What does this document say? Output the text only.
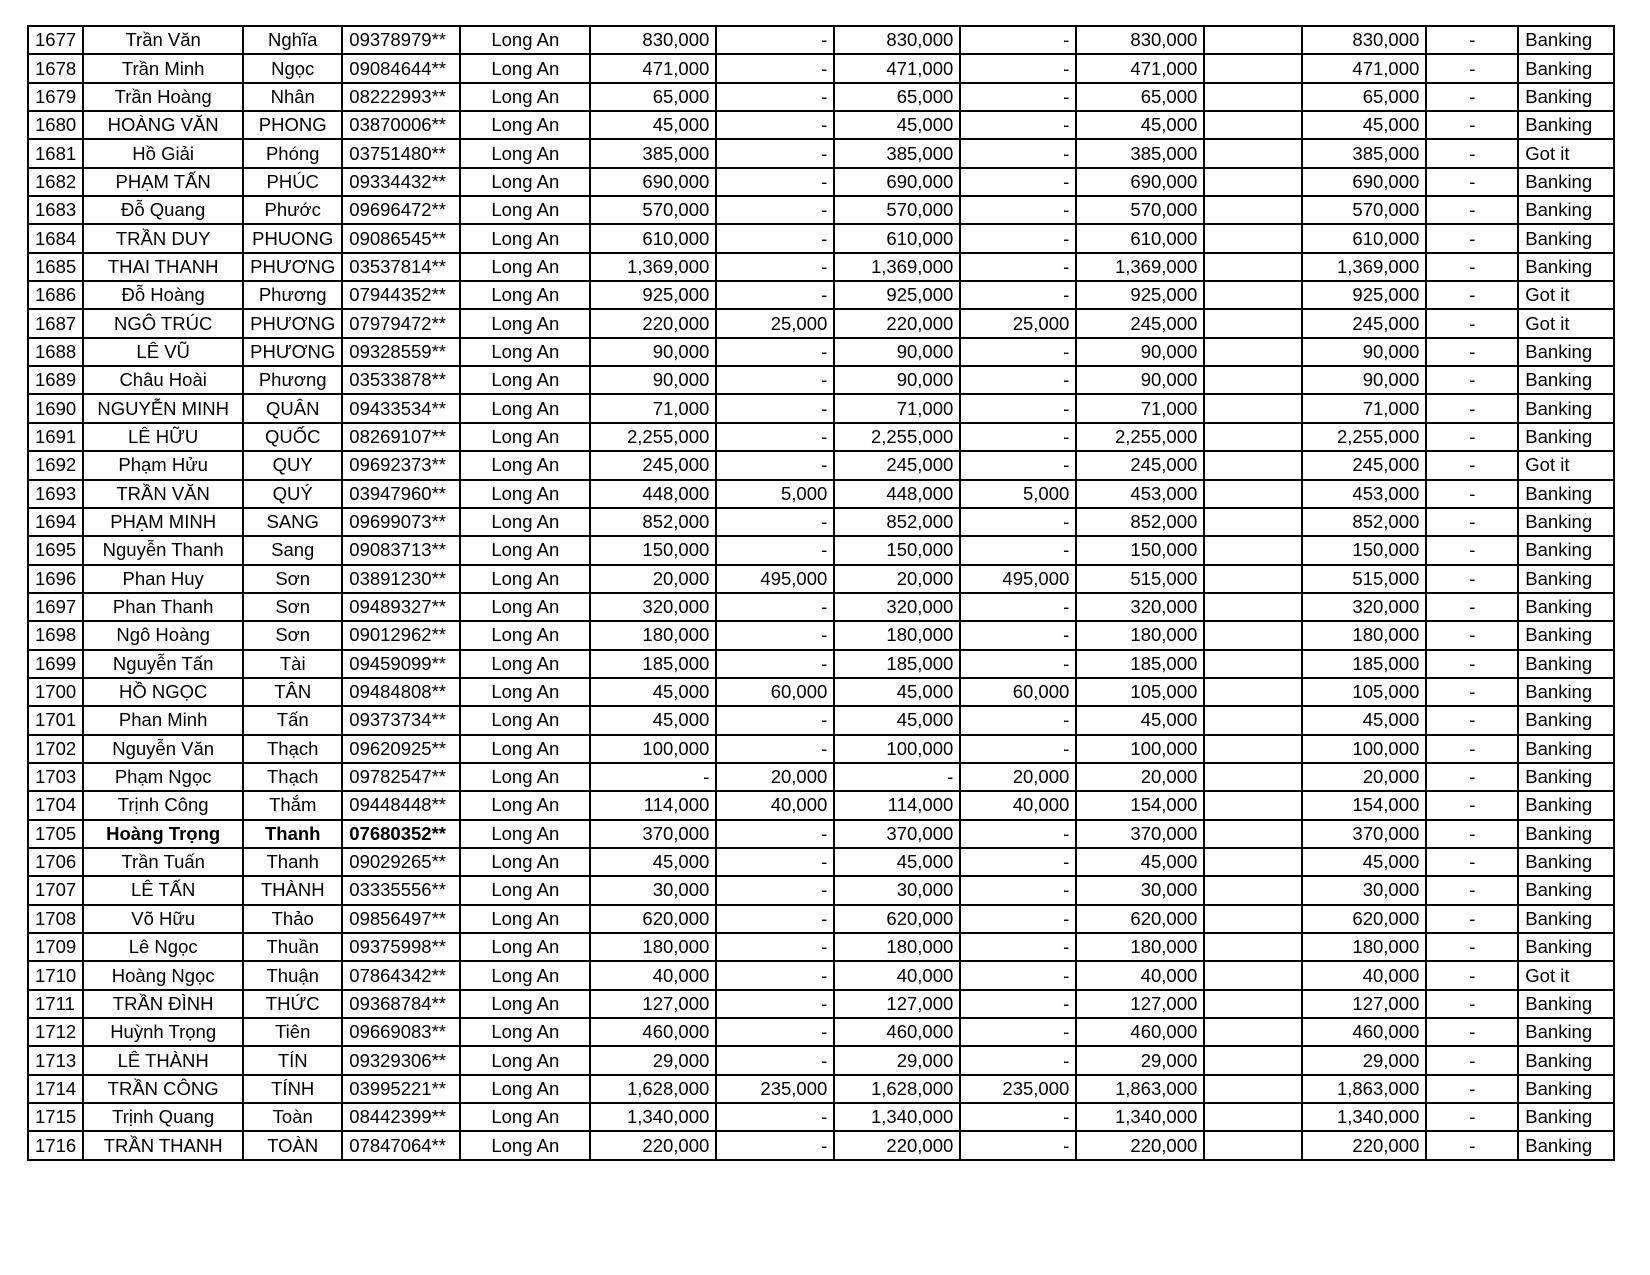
1677	Trần Văn	Nghĩa	09378979**	Long An	830,000	-	830,000	-	830,000		830,000	-	Banking
1678	Trần Minh	Ngọc	09084644**	Long An	471,000	-	471,000	-	471,000		471,000	-	Banking
1679	Trần Hoàng	Nhân	08222993**	Long An	65,000	-	65,000	-	65,000		65,000	-	Banking
1680	HOÀNG VĂN	PHONG	03870006**	Long An	45,000	-	45,000	-	45,000		45,000	-	Banking
1681	Hồ Giải	Phóng	03751480**	Long An	385,000	-	385,000	-	385,000		385,000	-	Got it
1682	PHẠM TẤN	PHÚC	09334432**	Long An	690,000	-	690,000	-	690,000		690,000	-	Banking
1683	Đỗ Quang	Phước	09696472**	Long An	570,000	-	570,000	-	570,000		570,000	-	Banking
1684	TRẦN DUY	PHUONG	09086545**	Long An	610,000	-	610,000	-	610,000		610,000	-	Banking
1685	THAI THANH	PHƯƠNG	03537814**	Long An	1,369,000	-	1,369,000	-	1,369,000		1,369,000	-	Banking
1686	Đỗ Hoàng	Phương	07944352**	Long An	925,000	-	925,000	-	925,000		925,000	-	Got it
1687	NGÔ TRÚC	PHƯƠNG	07979472**	Long An	220,000	25,000	220,000	25,000	245,000		245,000	-	Got it
1688	LÊ VŨ	PHƯƠNG	09328559**	Long An	90,000	-	90,000	-	90,000		90,000	-	Banking
1689	Châu Hoài	Phương	03533878**	Long An	90,000	-	90,000	-	90,000		90,000	-	Banking
1690	NGUYỄN MINH	QUÂN	09433534**	Long An	71,000	-	71,000	-	71,000		71,000	-	Banking
1691	LÊ HỮU	QUỐC	08269107**	Long An	2,255,000	-	2,255,000	-	2,255,000		2,255,000	-	Banking
1692	Phạm Hửu	QUY	09692373**	Long An	245,000	-	245,000	-	245,000		245,000	-	Got it
1693	TRẦN VĂN	QUÝ	03947960**	Long An	448,000	5,000	448,000	5,000	453,000		453,000	-	Banking
1694	PHẠM MINH	SANG	09699073**	Long An	852,000	-	852,000	-	852,000		852,000	-	Banking
1695	Nguyễn Thanh	Sang	09083713**	Long An	150,000	-	150,000	-	150,000		150,000	-	Banking
1696	Phan Huy	Sơn	03891230**	Long An	20,000	495,000	20,000	495,000	515,000		515,000	-	Banking
1697	Phan Thanh	Sơn	09489327**	Long An	320,000	-	320,000	-	320,000		320,000	-	Banking
1698	Ngô Hoàng	Sơn	09012962**	Long An	180,000	-	180,000	-	180,000		180,000	-	Banking
1699	Nguyễn Tấn	Tài	09459099**	Long An	185,000	-	185,000	-	185,000		185,000	-	Banking
1700	HỒ NGỌC	TÂN	09484808**	Long An	45,000	60,000	45,000	60,000	105,000		105,000	-	Banking
1701	Phan Minh	Tấn	09373734**	Long An	45,000	-	45,000	-	45,000		45,000	-	Banking
1702	Nguyễn Văn	Thạch	09620925**	Long An	100,000	-	100,000	-	100,000		100,000	-	Banking
1703	Phạm Ngọc	Thạch	09782547**	Long An	-	20,000	-	20,000	20,000		20,000	-	Banking
1704	Trịnh Công	Thắm	09448448**	Long An	114,000	40,000	114,000	40,000	154,000		154,000	-	Banking
1705	Hoàng Trọng	Thanh	07680352**	Long An	370,000	-	370,000	-	370,000		370,000	-	Banking
1706	Trần Tuấn	Thanh	09029265**	Long An	45,000	-	45,000	-	45,000		45,000	-	Banking
1707	LÊ TẤN	THÀNH	03335556**	Long An	30,000	-	30,000	-	30,000		30,000	-	Banking
1708	Võ Hữu	Thảo	09856497**	Long An	620,000	-	620,000	-	620,000		620,000	-	Banking
1709	Lê Ngọc	Thuần	09375998**	Long An	180,000	-	180,000	-	180,000		180,000	-	Banking
1710	Hoàng Ngọc	Thuận	07864342**	Long An	40,000	-	40,000	-	40,000		40,000	-	Got it
1711	TRẦN ĐÌNH	THỨC	09368784**	Long An	127,000	-	127,000	-	127,000		127,000	-	Banking
1712	Huỳnh Trọng	Tiên	09669083**	Long An	460,000	-	460,000	-	460,000		460,000	-	Banking
1713	LÊ THÀNH	TÍN	09329306**	Long An	29,000	-	29,000	-	29,000		29,000	-	Banking
1714	TRẦN CÔNG	TÍNH	03995221**	Long An	1,628,000	235,000	1,628,000	235,000	1,863,000		1,863,000	-	Banking
1715	Trịnh Quang	Toàn	08442399**	Long An	1,340,000	-	1,340,000	-	1,340,000		1,340,000	-	Banking
1716	TRẦN THANH	TOÀN	07847064**	Long An	220,000	-	220,000	-	220,000		220,000	-	Banking
